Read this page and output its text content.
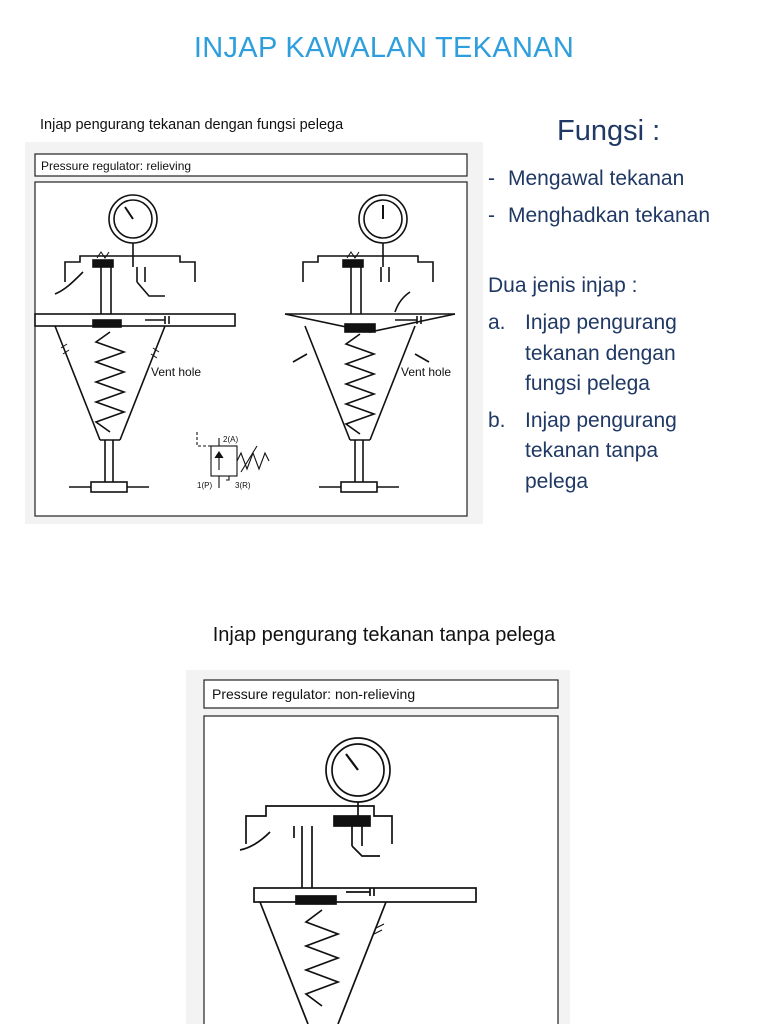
INJAP KAWALAN TEKANAN
Injap pengurang tekanan dengan fungsi pelega
Pressure regulator: relieving
Vent hole
2(A)
1(P)	3(R)
Vent hole
Fungsi :
- Mengawal tekanan
- Menghadkan tekanan
Dua jenis injap :
a. Injap pengurang tekanan dengan fungsi pelega
b. Injap pengurang tekanan tanpa pelega
Injap pengurang tekanan tanpa pelega
Pressure regulator: non-relieving
